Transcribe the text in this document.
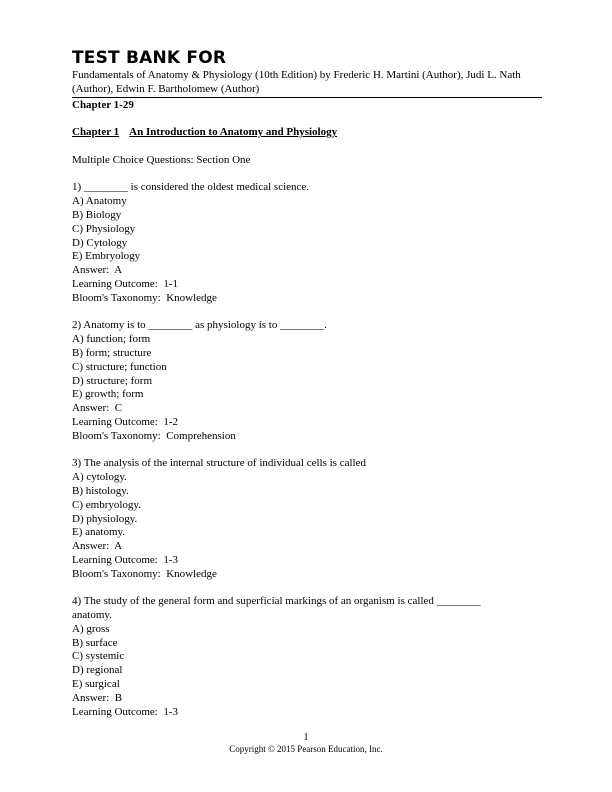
TEST BANK FOR
Fundamentals of Anatomy & Physiology (10th Edition) by Frederic H. Martini (Author), Judi L. Nath (Author), Edwin F. Bartholomew (Author)
Chapter 1-29
Chapter 1 An Introduction to Anatomy and Physiology
Multiple Choice Questions: Section One
1) ________ is considered the oldest medical science.
A) Anatomy
B) Biology
C) Physiology
D) Cytology
E) Embryology
Answer:  A
Learning Outcome:  1-1
Bloom's Taxonomy:  Knowledge
2) Anatomy is to ________ as physiology is to ________.
A) function; form
B) form; structure
C) structure; function
D) structure; form
E) growth; form
Answer:  C
Learning Outcome:  1-2
Bloom's Taxonomy:  Comprehension
3) The analysis of the internal structure of individual cells is called
A) cytology.
B) histology.
C) embryology.
D) physiology.
E) anatomy.
Answer:  A
Learning Outcome:  1-3
Bloom's Taxonomy:  Knowledge
4) The study of the general form and superficial markings of an organism is called ________
anatomy.
A) gross
B) surface
C) systemic
D) regional
E) surgical
Answer:  B
Learning Outcome:  1-3
1
Copyright © 2015 Pearson Education, Inc.
